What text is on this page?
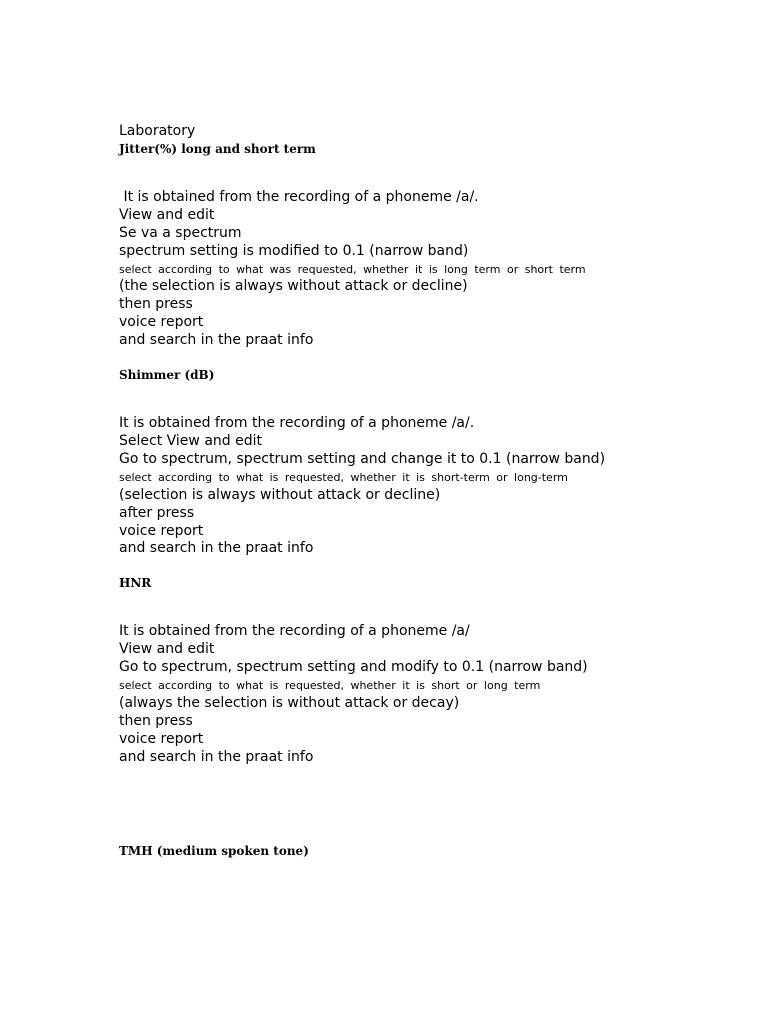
Laboratory
Jitter(%) long and short term
It is obtained from the recording of a phoneme /a/.
View and edit
Se va a spectrum
spectrum setting is modified to 0.1 (narrow band)
select according to what was requested, whether it is long term or short term
(the selection is always without attack or decline)
then press
voice report
and search in the praat info
Shimmer (dB)
It is obtained from the recording of a phoneme /a/.
Select View and edit
Go to spectrum, spectrum setting and change it to 0.1 (narrow band)
select according to what is requested, whether it is short-term or long-term
(selection is always without attack or decline)
after press
voice report
and search in the praat info
HNR
It is obtained from the recording of a phoneme /a/
View and edit
Go to spectrum, spectrum setting and modify to 0.1 (narrow band)
select according to what is requested, whether it is short or long term
(always the selection is without attack or decay)
then press
voice report
and search in the praat info
TMH (medium spoken tone)
